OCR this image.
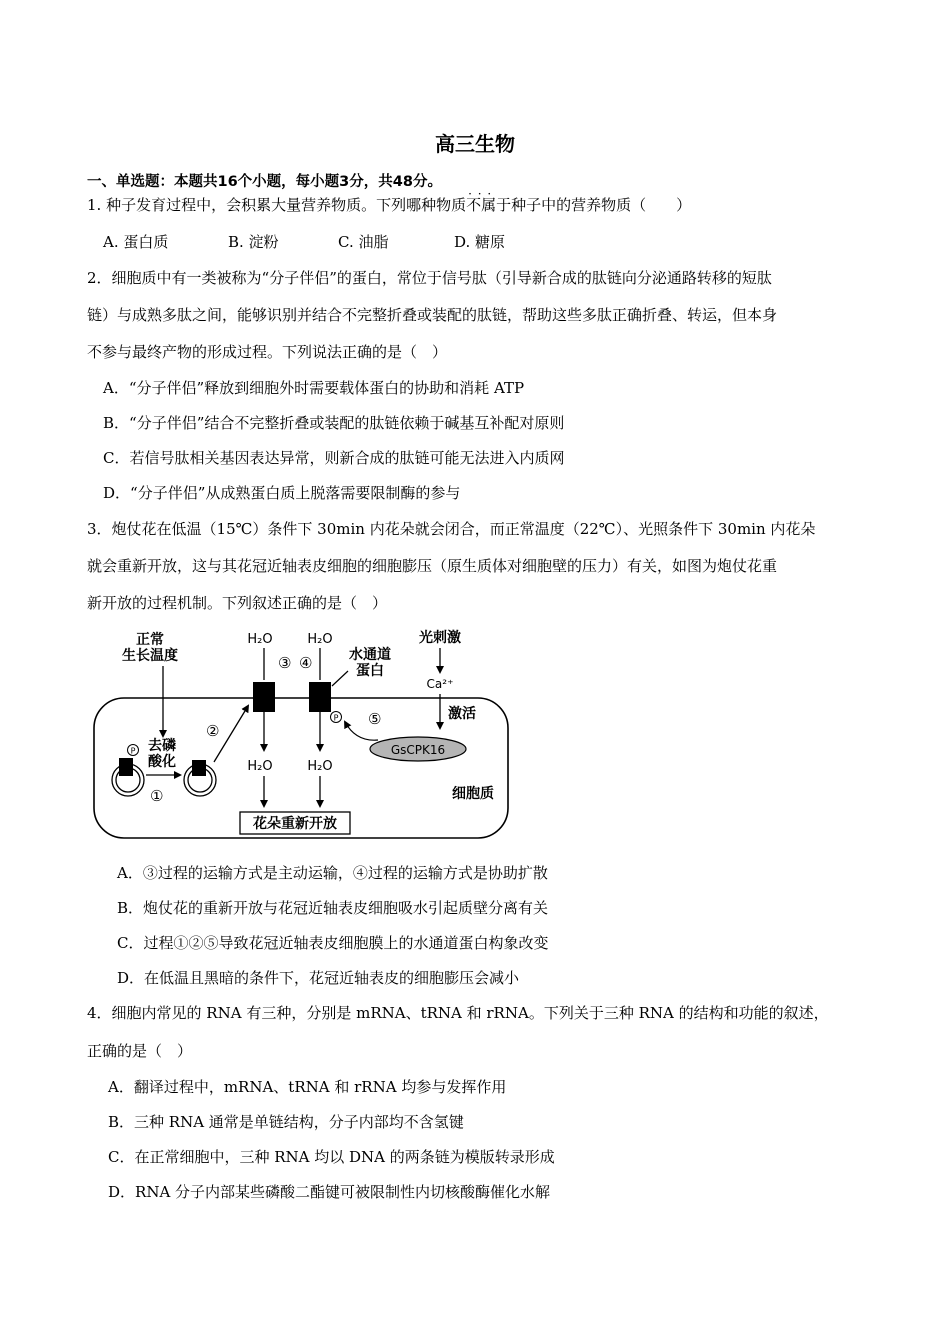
高三生物
一、单选题：本题共16个小题，每小题3分，共48分。
1. 种子发育过程中，会积累大量营养物质。下列哪种物质· · · 不属于种子中的营养物质（　　）
A. 蛋白质	B. 淀粉	C. 油脂	D. 糖原
2．细胞质中有一类被称为“分子伴侣”的蛋白，常位于信号肽（引导新合成的肽链向分泌通路转移的短肽
链）与成熟多肽之间，能够识别并结合不完整折叠或装配的肽链，帮助这些多肽正确折叠、转运，但本身
不参与最终产物的形成过程。下列说法正确的是（　）
A．“分子伴侣”释放到细胞外时需要载体蛋白的协助和消耗 ATP
B．“分子伴侣”结合不完整折叠或装配的肽链依赖于碱基互补配对原则
C．若信号肽相关基因表达异常，则新合成的肽链可能无法进入内质网
D．“分子伴侣”从成熟蛋白质上脱落需要限制酶的参与
3．炮仗花在低温（15℃）条件下 30min 内花朵就会闭合，而正常温度（22℃）、光照条件下 30min 内花朵
就会重新开放，这与其花冠近轴表皮细胞的细胞膨压（原生质体对细胞壁的压力）有关，如图为炮仗花重
新开放的过程机制。下列叙述正确的是（　）
正常
生长温度
H₂O	H₂O
③ ④	水通道
蛋白
光刺激
Ca²⁺
激活
P ⑤
GsCPK16
H₂O	H₂O
花朵重新开放
P 去磷
酸化
①
②
细胞质
A．③过程的运输方式是主动运输，④过程的运输方式是协助扩散
B．炮仗花的重新开放与花冠近轴表皮细胞吸水引起质壁分离有关
C．过程①②⑤导致花冠近轴表皮细胞膜上的水通道蛋白构象改变
D．在低温且黑暗的条件下，花冠近轴表皮的细胞膨压会减小
4．细胞内常见的 RNA 有三种，分别是 mRNA、tRNA 和 rRNA。下列关于三种 RNA 的结构和功能的叙述，
正确的是（　）
A．翻译过程中，mRNA、tRNA 和 rRNA 均参与发挥作用
B．三种 RNA 通常是单链结构，分子内部均不含氢键
C．在正常细胞中，三种 RNA 均以 DNA 的两条链为模版转录形成
D．RNA 分子内部某些磷酸二酯键可被限制性内切核酸酶催化水解
